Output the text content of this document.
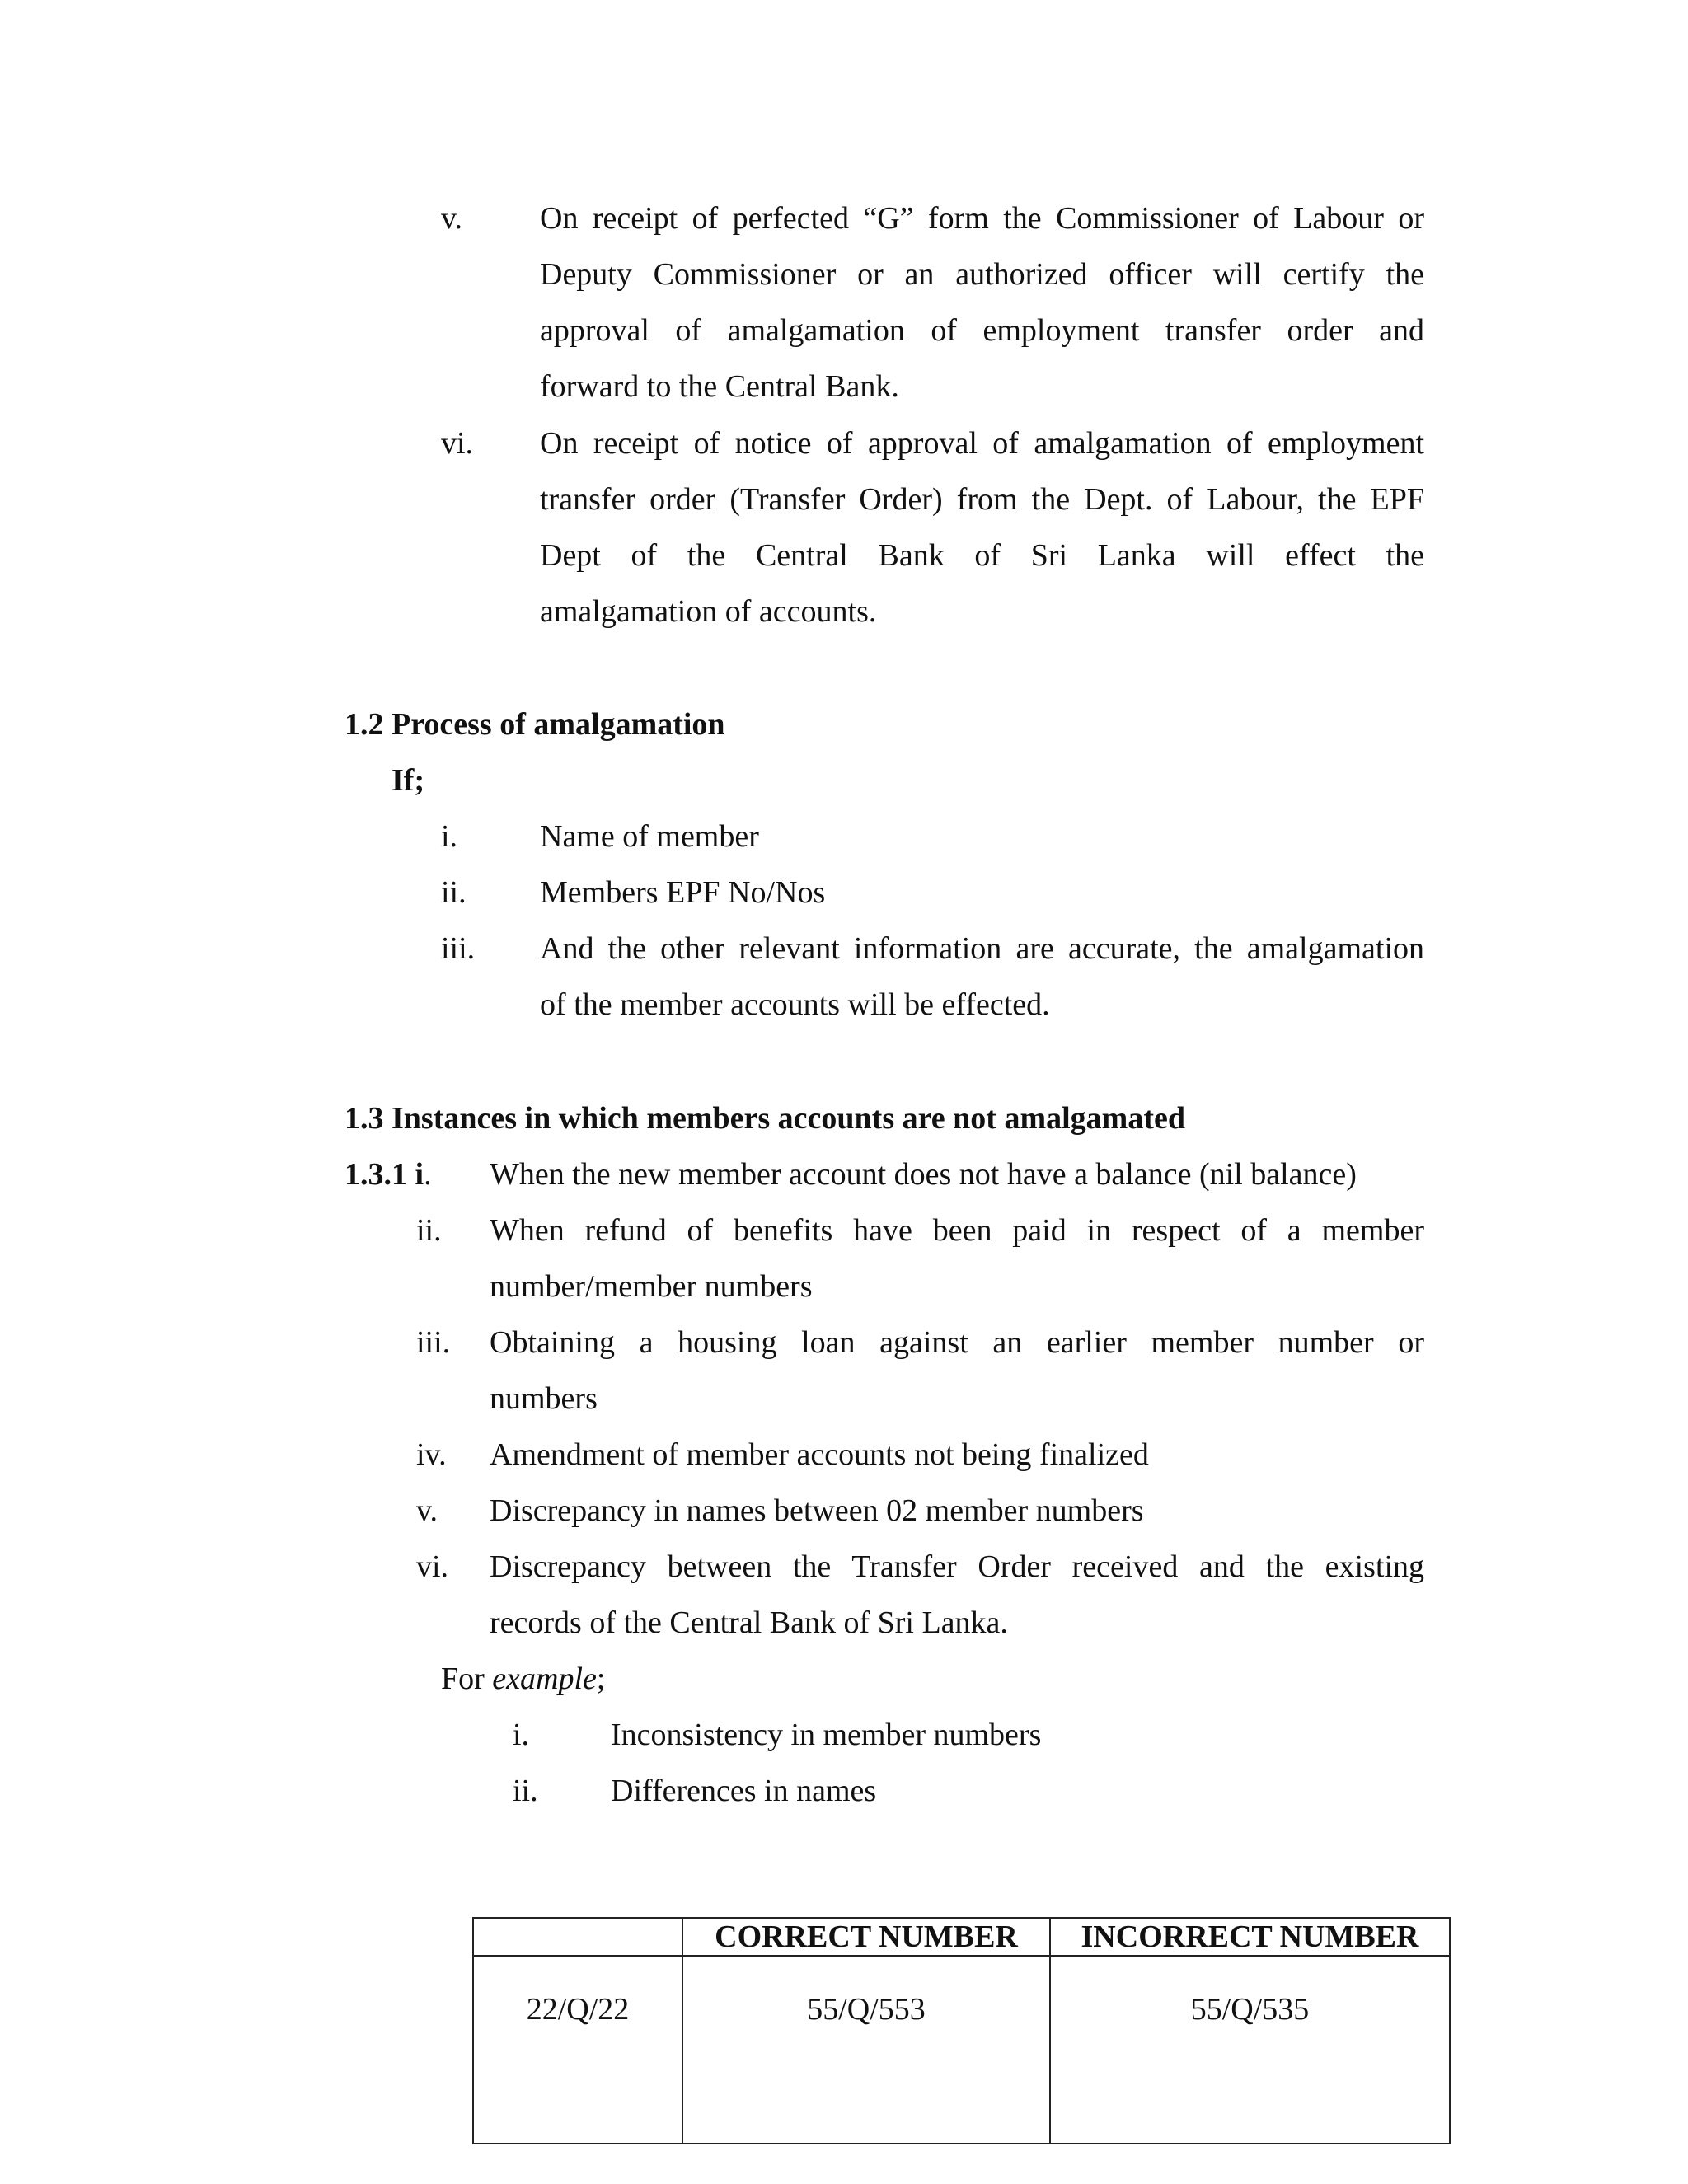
v. On receipt of perfected “G” form the Commissioner of Labour or
Deputy Commissioner or an authorized officer will certify the
approval of amalgamation of employment transfer order and
forward to the Central Bank.
vi. On receipt of notice of approval of amalgamation of employment
transfer order (Transfer Order) from the Dept. of Labour, the EPF
Dept of the Central Bank of Sri Lanka will effect the
amalgamation of accounts.
1.2 Process of amalgamation
If;
i.	Name of member
ii. Members EPF No/Nos
iii. And the other relevant information are accurate, the amalgamation
of the member accounts will be effected.
1.3 Instances in which members accounts are not amalgamated
1.3.1 i. When the new member account does not have a balance (nil balance)
ii. When refund of benefits have been paid in respect of a member
number/member numbers
iii. Obtaining a housing loan against an earlier member number or
numbers
iv. Amendment of member accounts not being finalized
v. Discrepancy in names between 02 member numbers
vi. Discrepancy between the Transfer Order received and the existing
records of the Central Bank of Sri Lanka.
For example;
i.	Inconsistency in member numbers
ii. Differences in names
	CORRECT NUMBER	INCORRECT NUMBER
22/Q/22	55/Q/553	55/Q/535
